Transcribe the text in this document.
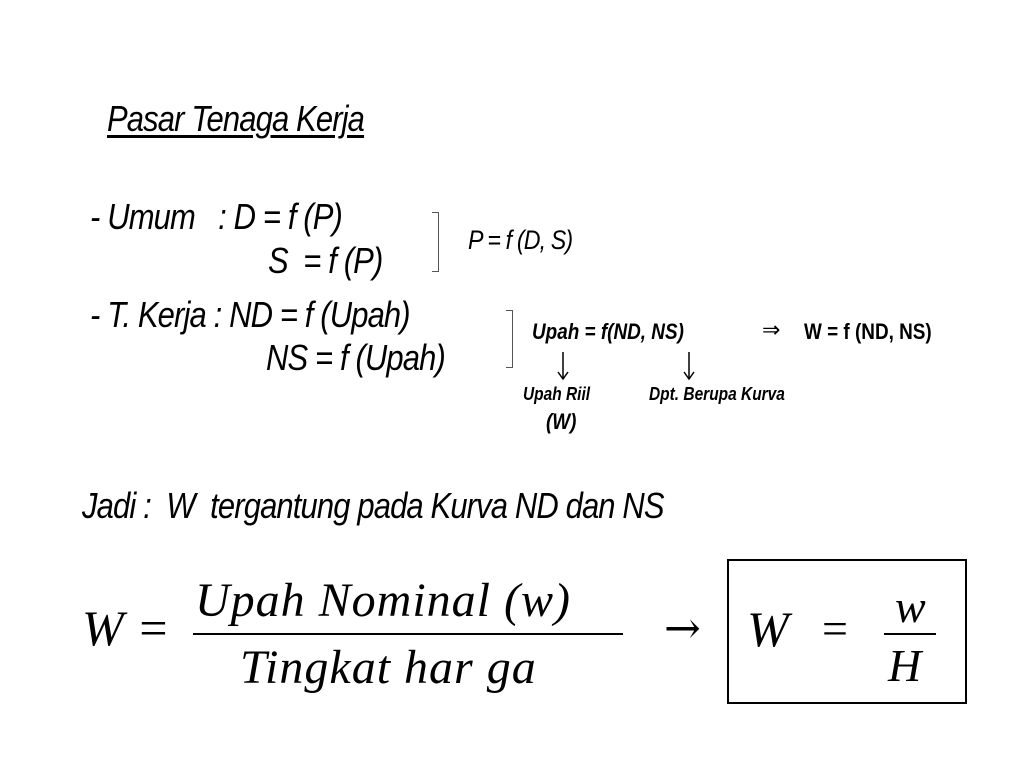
Pasar Tenaga Kerja
- Umum   : D = f (P)
S  = f (P)	P = f (D, S)
- T. Kerja : ND = f (Upah)
NS = f (Upah)
Upah = f(ND, NS)	⇒ W = f (ND, NS)
Upah Riil
(W)
Dpt. Berupa Kurva
Jadi :  W  tergantung pada Kurva ND dan NS
W = Upah Nominal (w)
Tingkat har ga
→ W = w
H
